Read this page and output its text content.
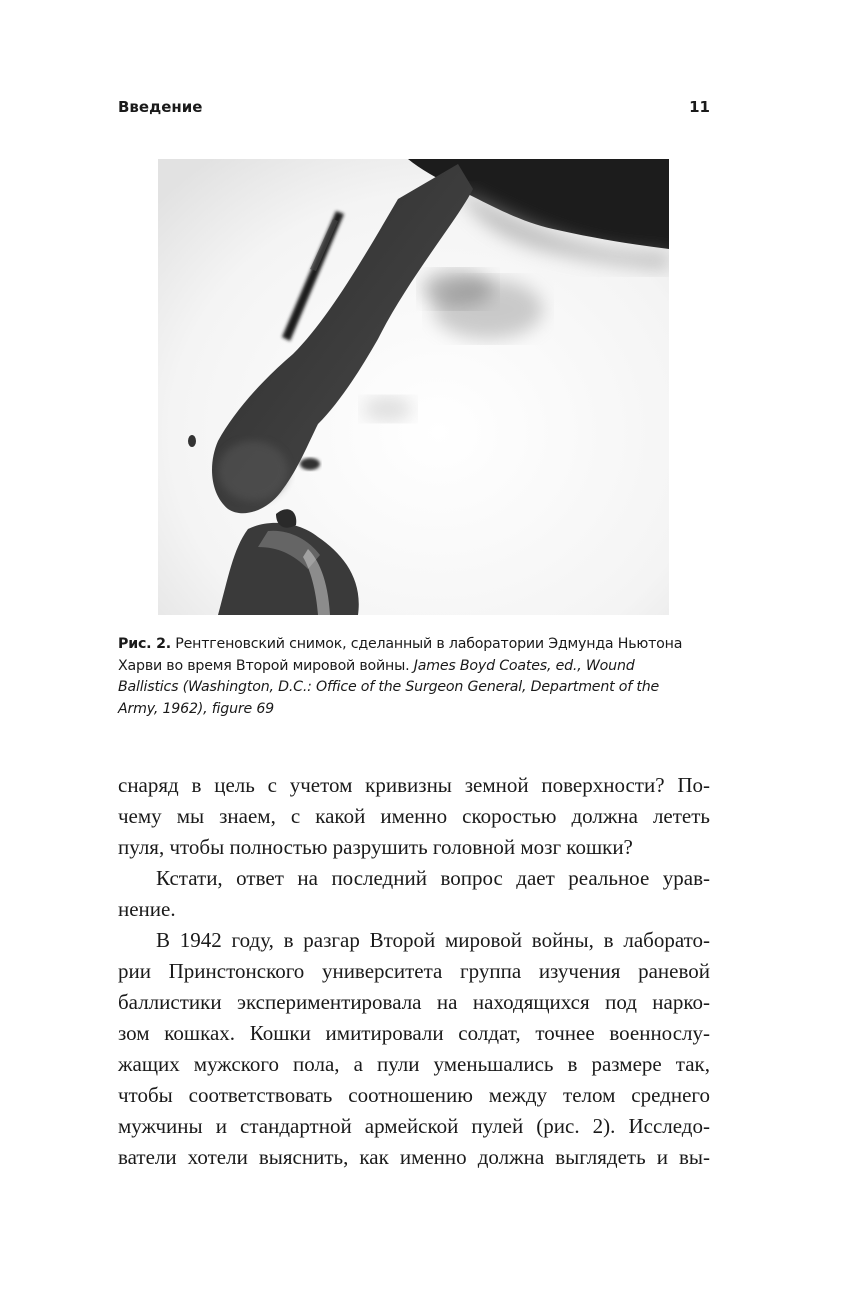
Введение	11
Рис. 2. Рентгеновский снимок, сделанный в лаборатории Эдмунда Ньютона
Харви во время Второй мировой войны. James Boyd Coates, ed., Wound
Ballistics (Washington, D.C.: Office of the Surgeon General, Department of the
Army, 1962), figure 69
снаряд в цель с учетом кривизны земной поверхности? По-
чему мы знаем, с какой именно скоростью должна лететь
пуля, чтобы полностью разрушить головной мозг кошки?
Кстати, ответ на последний вопрос дает реальное урав-
нение.
В 1942 году, в разгар Второй мировой войны, в лаборато-
рии Принстонского университета группа изучения раневой
баллистики экспериментировала на находящихся под нарко-
зом кошках. Кошки имитировали солдат, точнее военнослу-
жащих мужского пола, а пули уменьшались в размере так,
чтобы соответствовать соотношению между телом среднего
мужчины и стандартной армейской пулей (рис. 2). Исследо-
ватели хотели выяснить, как именно должна выглядеть и вы-
